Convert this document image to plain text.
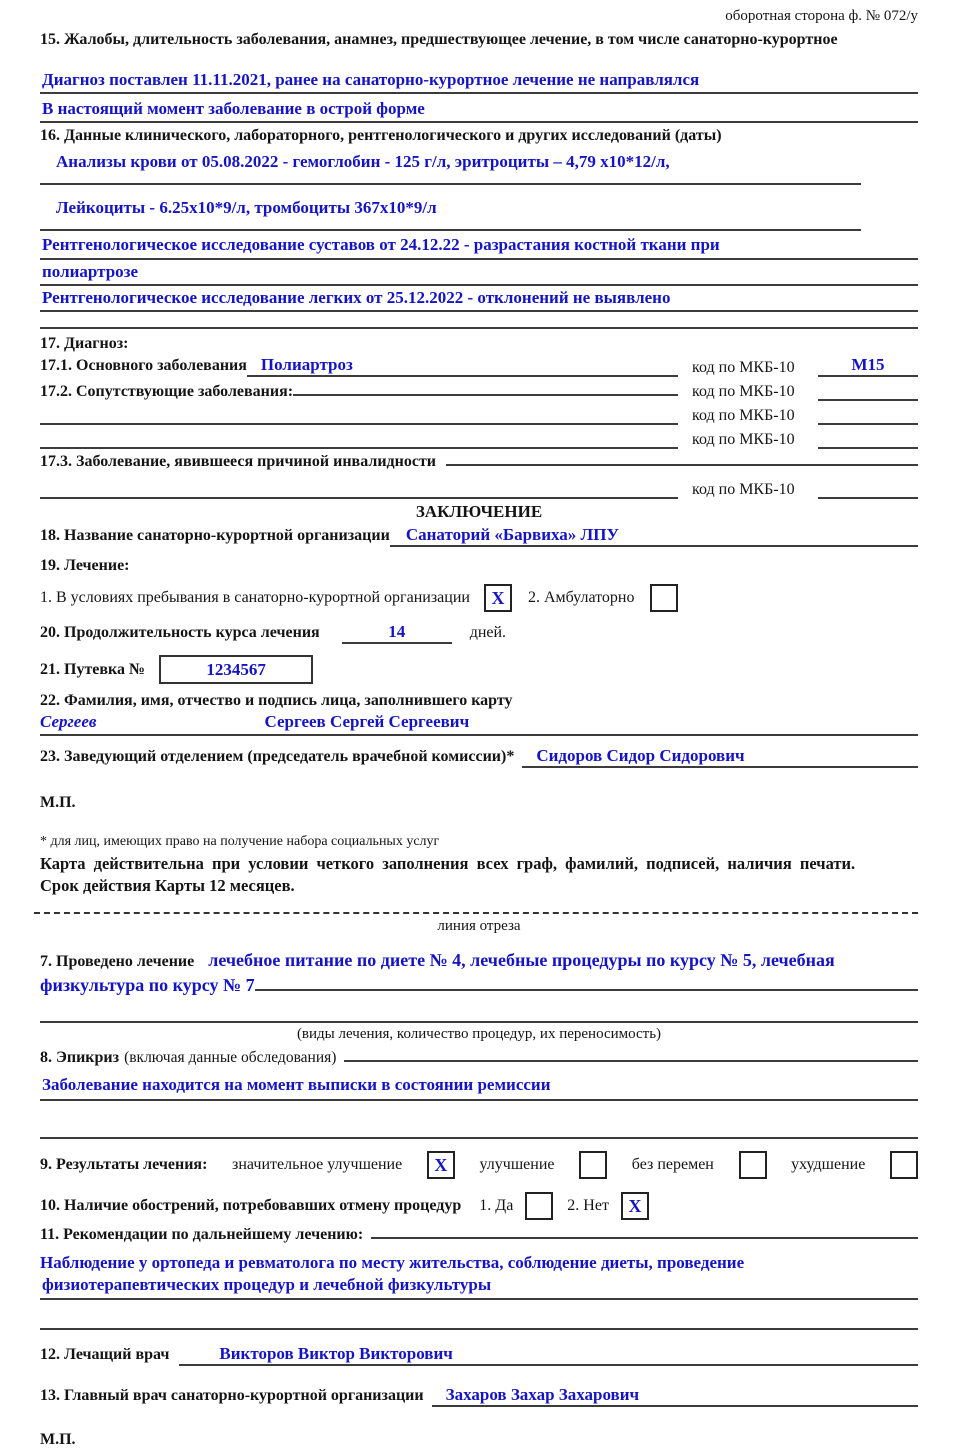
оборотная сторона ф. № 072/у
15. Жалобы, длительность заболевания, анамнез, предшествующее лечение, в том числе санаторно-курортное
Диагноз поставлен 11.11.2021, ранее на санаторно-курортное лечение не направлялся
В настоящий момент заболевание в острой форме
16. Данные клинического, лабораторного, рентгенологического и других исследований (даты)
Анализы крови от 05.08.2022 - гемоглобин - 125 г/л, эритроциты – 4,79 х10*12/л,
Лейкоциты - 6.25х10*9/л, тромбоциты 367х10*9/л
Рентгенологическое исследование суставов от 24.12.22 - разрастания костной ткани при
полиартрозе
Рентгенологическое исследование легких от 25.12.2022 - отклонений не выявлено
17. Диагноз:
17.1. Основного заболевания Полиартроз	код по МКБ-10	М15
17.2. Сопутствующие заболевания:	код по МКБ-10
код по МКБ-10
код по МКБ-10
17.3. Заболевание, явившееся причиной инвалидности
код по МКБ-10
ЗАКЛЮЧЕНИЕ
18. Название санаторно-курортной организации Санаторий «Барвиха» ЛПУ
19. Лечение:
1. В условиях пребывания в санаторно-курортной организации	X	2. Амбулаторно
20. Продолжительность курса лечения	14	дней.
21. Путевка №	1234567
22. Фамилия, имя, отчество и подпись лица, заполнившего карту
Сергеев	Сергеев Сергей Сергеевич
23. Заведующий отделением (председатель врачебной комиссии)*	Сидоров Сидор Сидорович
М.П.
* для лиц, имеющих право на получение набора социальных услуг
Карта действительна при условии четкого заполнения всех граф, фамилий, подписей, наличия печати.
Срок действия Карты 12 месяцев.
линия отреза
7. Проведено лечение лечебное питание по диете № 4, лечебные процедуры по курсу № 5, лечебная
физкультура по курсу № 7
(виды лечения, количество процедур, их переносимость)
8. Эпикриз (включая данные обследования)
Заболевание находится на момент выписки в состоянии ремиссии
9. Результаты лечения: значительное улучшение	X	улучшение	без перемен	ухудшение
10. Наличие обострений, потребовавших отмену процедур 1. Да	2. Нет	X
11. Рекомендации по дальнейшему лечению:
Наблюдение у ортопеда и ревматолога по месту жительства, соблюдение диеты, проведение
физиотерапевтических процедур и лечебной физкультуры
12. Лечащий врач	Викторов Виктор Викторович
13. Главный врач санаторно-курортной организации	Захаров Захар Захарович
М.П.
